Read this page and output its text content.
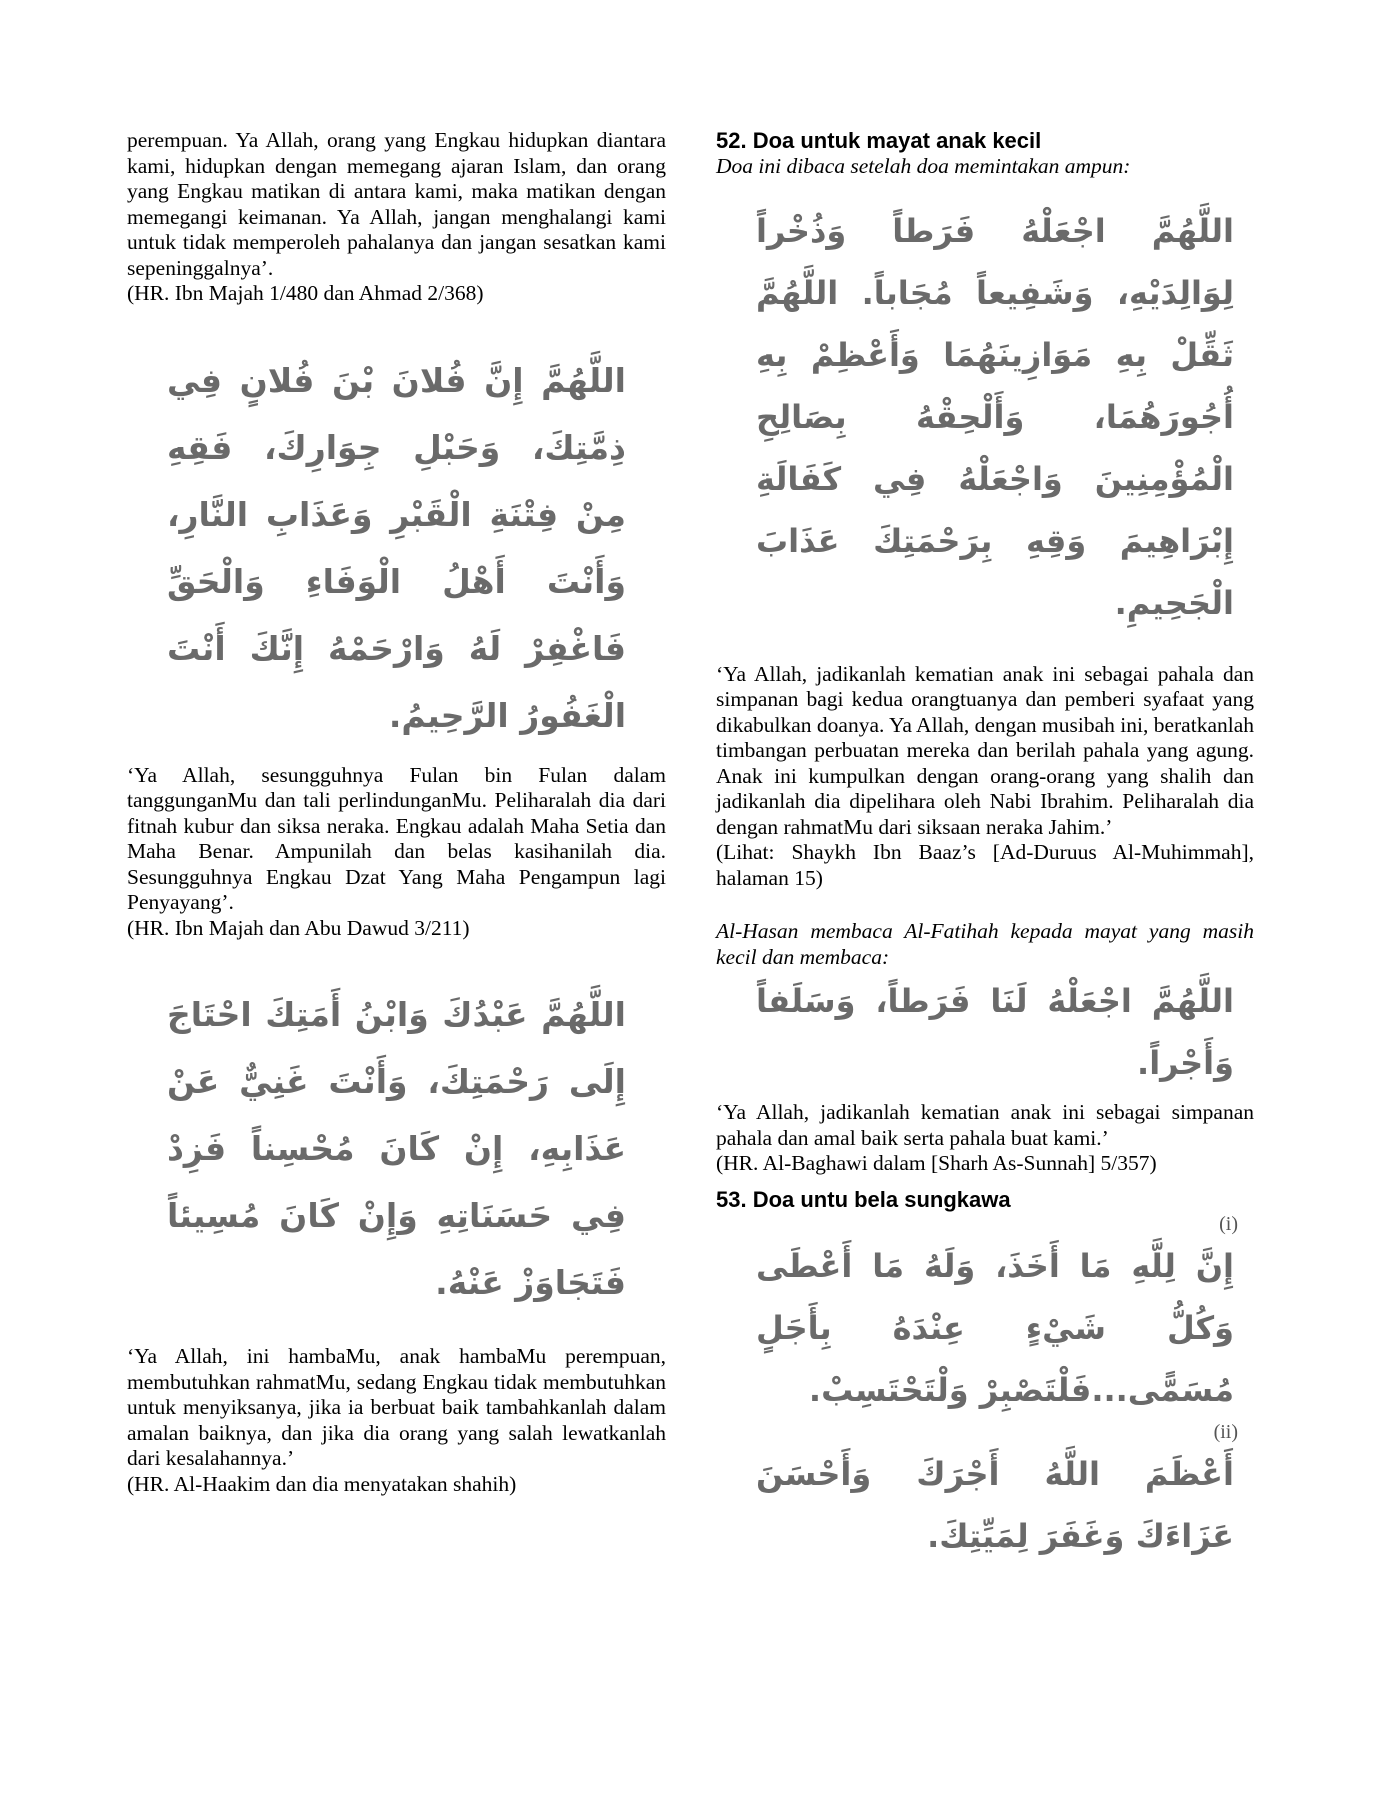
perempuan. Ya Allah, orang yang Engkau hidupkan diantara kami, hidupkan dengan memegang ajaran Islam, dan orang yang Engkau matikan di antara kami, maka matikan dengan memegangi keimanan. Ya Allah, jangan menghalangi kami untuk tidak memperoleh pahalanya dan jangan sesatkan kami sepeninggalnya’.

(HR. Ibn Majah 1/480 dan Ahmad 2/368)

اللَّهُمَّ إِنَّ فُلانَ بْنَ فُلانٍ فِي ذِمَّتِكَ، وَحَبْلِ جِوَارِكَ، فَقِهِ مِنْ فِتْنَةِ الْقَبْرِ وَعَذَابِ النَّارِ، وَأَنْتَ أَهْلُ الْوَفَاءِ وَالْحَقِّ فَاغْفِرْ لَهُ وَارْحَمْهُ إِنَّكَ أَنْتَ الْغَفُورُ الرَّحِيمُ.

‘Ya Allah, sesungguhnya Fulan bin Fulan dalam tanggunganMu dan tali perlindunganMu. Peliharalah dia dari fitnah kubur dan siksa neraka. Engkau adalah Maha Setia dan Maha Benar. Ampunilah dan belas kasihanilah dia. Sesungguhnya Engkau Dzat Yang Maha Pengampun lagi Penyayang’.

(HR. Ibn Majah dan Abu Dawud 3/211)

اللَّهُمَّ عَبْدُكَ وَابْنُ أَمَتِكَ احْتَاجَ إِلَى رَحْمَتِكَ، وَأَنْتَ غَنِيٌّ عَنْ عَذَابِهِ، إِنْ كَانَ مُحْسِناً فَزِدْ فِي حَسَنَاتِهِ وَإِنْ كَانَ مُسِيئاً فَتَجَاوَزْ عَنْهُ.

‘Ya Allah, ini hambaMu, anak hambaMu perempuan, membutuhkan rahmatMu, sedang Engkau tidak membutuhkan untuk menyiksanya, jika ia berbuat baik tambahkanlah dalam amalan baiknya, dan jika dia orang yang salah lewatkanlah dari kesalahannya.’

(HR. Al-Haakim dan dia menyatakan shahih)

52. Doa untuk mayat anak kecil

Doa ini dibaca setelah doa memintakan ampun:

اللَّهُمَّ اجْعَلْهُ فَرَطاً وَذُخْراً لِوَالِدَيْهِ، وَشَفِيعاً مُجَاباً. اللَّهُمَّ ثَقِّلْ بِهِ مَوَازِينَهُمَا وَأَعْظِمْ بِهِ أُجُورَهُمَا، وَأَلْحِقْهُ بِصَالِحِ الْمُؤْمِنِينَ وَاجْعَلْهُ فِي كَفَالَةِ إِبْرَاهِيمَ وَقِهِ بِرَحْمَتِكَ عَذَابَ الْجَحِيمِ.

‘Ya Allah, jadikanlah kematian anak ini sebagai pahala dan simpanan bagi kedua orangtuanya dan pemberi syafaat yang dikabulkan doanya. Ya Allah, dengan musibah ini, beratkanlah timbangan perbuatan mereka dan berilah pahala yang agung. Anak ini kumpulkan dengan orang-orang yang shalih dan jadikanlah dia dipelihara oleh Nabi Ibrahim. Peliharalah dia dengan rahmatMu dari siksaan neraka Jahim.’

(Lihat: Shaykh Ibn Baaz’s [Ad-Duruus Al-Muhimmah], halaman 15)

Al-Hasan membaca Al-Fatihah kepada mayat yang masih kecil dan membaca:

اللَّهُمَّ اجْعَلْهُ لَنَا فَرَطاً، وَسَلَفاً وَأَجْراً.

‘Ya Allah, jadikanlah kematian anak ini sebagai simpanan pahala dan amal baik serta pahala buat kami.’

(HR. Al-Baghawi dalam [Sharh As-Sunnah] 5/357)

53. Doa untu bela sungkawa
(i)
إِنَّ لِلَّهِ مَا أَخَذَ، وَلَهُ مَا أَعْطَى وَكُلُّ شَيْءٍ عِنْدَهُ بِأَجَلٍ مُسَمًّى...فَلْتَصْبِرْ وَلْتَحْتَسِبْ.
(ii)
أَعْظَمَ اللَّهُ أَجْرَكَ وَأَحْسَنَ عَزَاءَكَ وَغَفَرَ لِمَيِّتِكَ.
